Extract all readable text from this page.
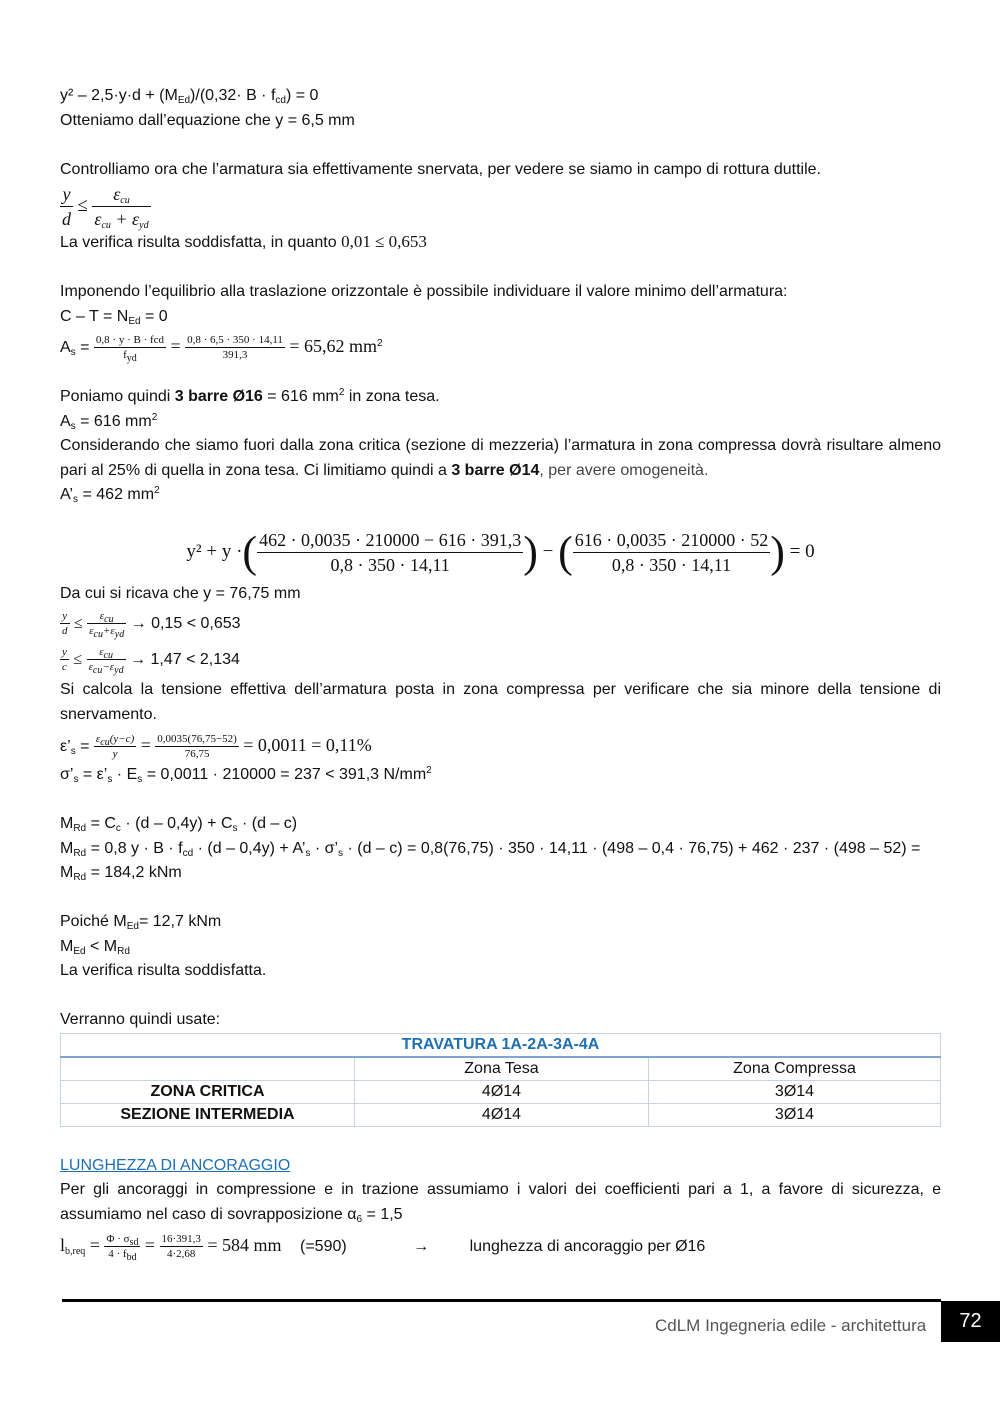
$y^2 - 2,5\cdot y\cdot d + (M_{Ed})/(0,32\cdot B \cdot f_{cd}) = 0$
Otteniamo dall’equazione che y = 6,5 mm
Controlliamo ora che l’armatura sia effettivamente snervata, per vedere se siamo in campo di rottura duttile.
$\frac{y}{d} \le \frac{\varepsilon_{cu}}{\varepsilon_{cu} + \varepsilon_{yd}}$
La verifica risulta soddisfatta, in quanto 0,01 ≤ 0,653
Imponendo l’equilibrio alla traslazione orizzontale è possibile individuare il valore minimo dell’armatura:
$C - T = N_{Ed} = 0$
$A_s = \frac{\text{0,8 · y · B · fcd}}{f_{yd}} = \frac{0,8 \cdot 6,5 \cdot 350 \cdot 14,11}{391,3} = 65,62$ $mm^2$
Poniamo quindi 3 barre Ø16 = 616 $mm^2$ in zona tesa.
$A_s = 616$ $mm^2$
Considerando che siamo fuori dalla zona critica (sezione di mezzeria) l’armatura in zona compressa dovrà risultare almeno pari al 25% di quella in zona tesa. Ci limitiamo quindi a 3 barre Ø14, per avere omogeneità.
$A’_s = 462$ $mm^2$
y² + y ·( $\frac{462 \cdot 0,0035 \cdot 210000 - 616 \cdot 391,3}{0,8 \cdot 350 \cdot 14,11}$ ) − ( $\frac{616 \cdot 0,0035 \cdot 210000 \cdot 52}{0,8 \cdot 350 \cdot 14,11}$ ) = 0
Da cui si ricava che y = 76,75 mm
$\frac{y}{d} \le \frac{\varepsilon_{cu}}{\varepsilon_{cu}+\varepsilon_{yd}} \to 0,15 < 0,653$
$\frac{y}{c} \le \frac{\varepsilon_{cu}}{\varepsilon_{cu}-\varepsilon_{yd}} \to 1,47 < 2,134$
Si calcola la tensione effettiva dell’armatura posta in zona compressa per verificare che sia minore della tensione di snervamento.
$\varepsilon’_s = \frac{\varepsilon_{cu}(y-c)}{y} = \frac{0,0035(76,75-52)}{76,75} = 0,0011 = 0,11\%$
$\sigma’_s$ = $\varepsilon’_s \cdot E_s = 0,0011 \cdot 210000 = 237 < 391,3$ $N/mm^2$
$M_{Rd} = C_c \cdot (d - 0,4y) + C_s \cdot (d - c)$
$M_{Rd} = 0,8$ $y \cdot B \cdot f_{cd} \cdot (d - 0,4y)$ + $A’_s$ · $\sigma’_s \cdot (d - c) = 0,8(76,75) \cdot 350 \cdot 14,11 \cdot (498 - 0,4 \cdot 76,75) + 462 \cdot 237 \cdot (498 - 52)$ =
$M_{Rd} = 184,2$ kNm
Poiché $M_{Ed}= 12,7$ kNm
$M_{Ed} < M_{Rd}$
La verifica risulta soddisfatta.
Verranno quindi usate:
TRAVATURA 1A-2A-3A-4A		
	Zona Tesa	Zona Compressa
ZONA CRITICA	4Ø14	3Ø14
SEZIONE INTERMEDIA	4Ø14	3Ø14
LUNGHEZZA DI ANCORAGGIO
Per gli ancoraggi in compressione e in trazione assumiamo i valori dei coefficienti pari a 1, a favore di sicurezza, e assumiamo nel caso di sovrapposizione $\alpha_6 = 1,5$
$l_{b,req} = \frac{\Phi \cdot \sigma_{sd}}{4 \cdot f_{bd}} = \frac{16\cdot 391,3}{4\cdot 2,68} = 584$ mm (=590)	→	lunghezza di ancoraggio per Ø16
CdLM Ingegneria edile - architettura	72
